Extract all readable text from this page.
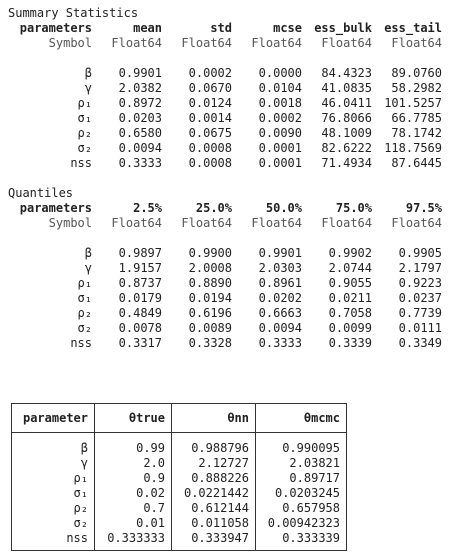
Summary Statistics
parameters	mean	std	mcse	ess_bulk	ess_tail
Symbol	Float64	Float64	Float64	Float64	Float64
β	0.9901	0.0002	0.0000	84.4323	89.0760
γ	2.0382	0.0670	0.0104	41.0835	58.2982
ρ₁	0.8972	0.0124	0.0018	46.0411	101.5257
σ₁	0.0203	0.0014	0.0002	76.8066	66.7785
ρ₂	0.6580	0.0675	0.0090	48.1009	78.1742
σ₂	0.0094	0.0008	0.0001	82.6222	118.7569
nss	0.3333	0.0008	0.0001	71.4934	87.6445
Quantiles
parameters	2.5%	25.0%	50.0%	75.0%	97.5%
Symbol	Float64	Float64	Float64	Float64	Float64
β	0.9897	0.9900	0.9901	0.9902	0.9905
γ	1.9157	2.0008	2.0303	2.0744	2.1797
ρ₁	0.8737	0.8890	0.8961	0.9055	0.9223
σ₁	0.0179	0.0194	0.0202	0.0211	0.0237
ρ₂	0.4849	0.6196	0.6663	0.7058	0.7739
σ₂	0.0078	0.0089	0.0094	0.0099	0.0111
nss	0.3317	0.3328	0.3333	0.3339	0.3349
parameter	θtrue	θnn	θmcmc
β	0.99	0.988796	0.990095
γ	2.0	2.12727	2.03821
ρ₁	0.9	0.888226	0.89717
σ₁	0.02	0.0221442	0.0203245
ρ₂	0.7	0.612144	0.657958
σ₂	0.01	0.011058	0.00942323
nss	0.333333	0.333947	0.333339
